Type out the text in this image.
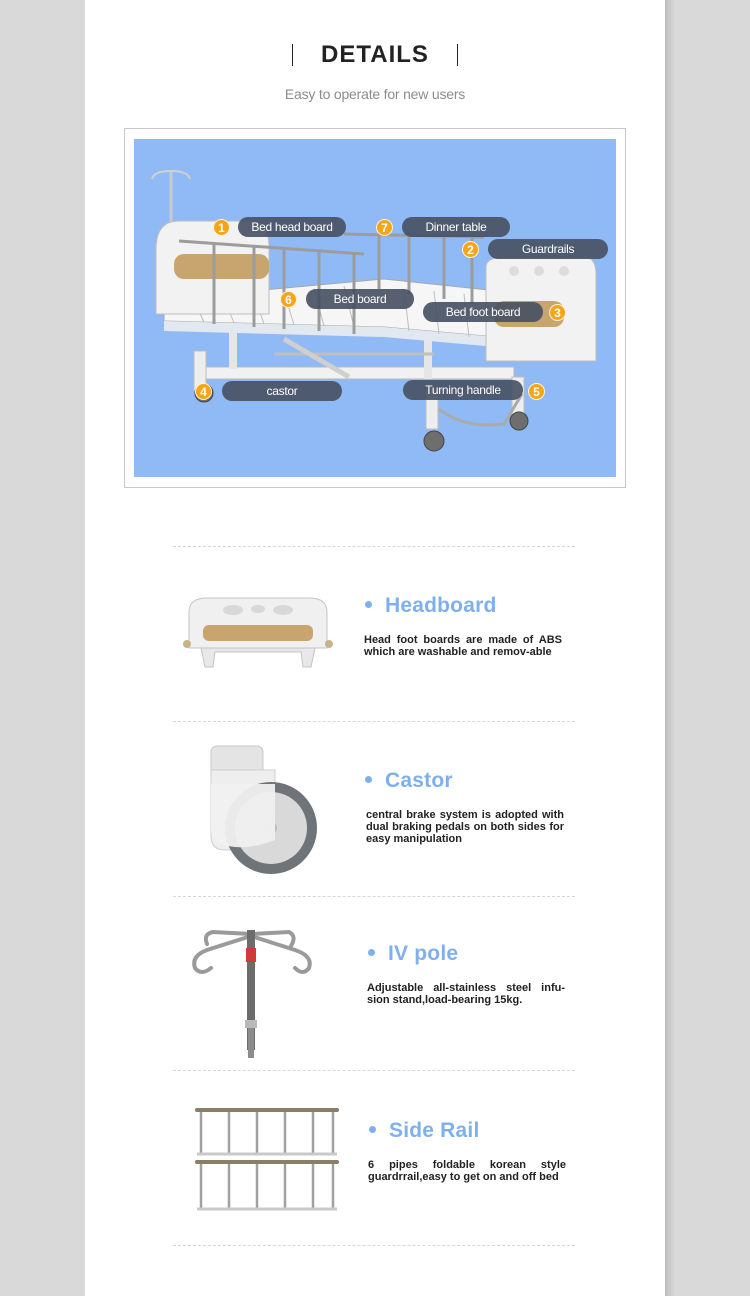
DETAILS
Easy to operate for new users
1	Bed head board	7	Dinner table
2	Guardrails
6	Bed board
3
Bed foot board
4	castor	5
Turning handle
Headboard
Head foot boards are made of ABS which are washable and remov-able
Castor
central brake system is adopted with dual braking pedals on both sides for easy manipulation
IV pole
Adjustable all-stainless steel infu-sion stand,load-bearing 15kg.
Side Rail
6 pipes foldable korean style guardrrail,easy to get on and off bed
